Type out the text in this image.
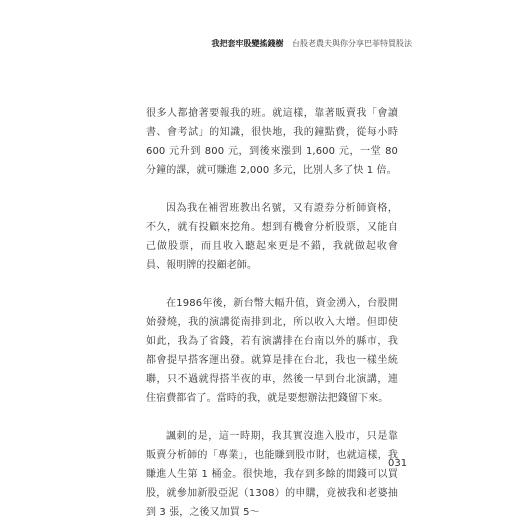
我把套牢股變搖錢樹 台股老農夫與你分享巴菲特買股法

很多人都搶著要報我的班。就這樣，靠著販賣我「會讀書、會考試」的知識，很快地，我的鐘點費，從每小時 600 元升到 800 元，到後來漲到 1,600 元，一堂 80 分鐘的課，就可賺進 2,000 多元，比別人多了快 1 倍。

因為我在補習班教出名號，又有證券分析師資格，不久，就有投顧來挖角。想到有機會分析股票，又能自己做股票，而且收入聽起來更是不錯，我就做起收會員、報明牌的投顧老師。

在1986年後，新台幣大幅升值，資金湧入，台股開始發燒，我的演講從南排到北，所以收入大增。但即使如此，我為了省錢，若有演講排在台南以外的縣市，我都會提早搭客運出發。就算是排在台北，我也一樣坐統聯，只不過就得搭半夜的車，然後一早到台北演講，連住宿費都省了。當時的我，就是要想辦法把錢留下來。

諷刺的是，這一時期，我其實沒進入股市，只是靠販賣分析師的「專業」，也能賺到股市財，也就這樣，我賺進人生第 1 桶金。很快地，我存到多餘的閒錢可以買股，就參加新股亞泥（1308）的申購，竟被我和老婆抽到 3 張，之後又加買 5～

031
